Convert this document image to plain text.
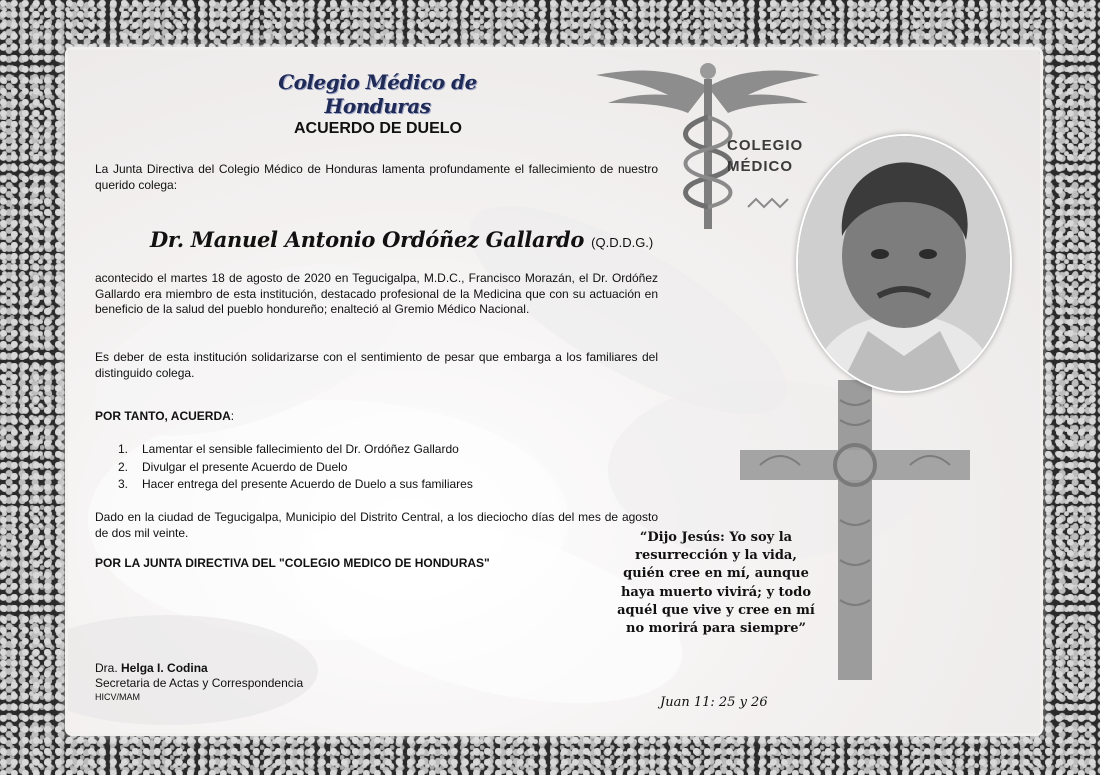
COLEGIO
MÉDICO
Colegio Médico de Honduras
ACUERDO DE DUELO
La Junta Directiva del Colegio Médico de Honduras lamenta profundamente el fallecimiento de nuestro querido colega:
Dr. Manuel Antonio Ordóñez Gallardo (Q.D.D.G.)
acontecido el martes 18 de agosto de 2020 en Tegucigalpa, M.D.C., Francisco Morazán, el Dr. Ordóñez Gallardo era miembro de esta institución, destacado profesional de la Medicina que con su actuación en beneficio de la salud del pueblo hondureño; enalteció al Gremio Médico Nacional.
Es deber de esta institución solidarizarse con el sentimiento de pesar que embarga a los familiares del distinguido colega.
POR TANTO, ACUERDA:
1. Lamentar el sensible fallecimiento del Dr. Ordóñez Gallardo
2. Divulgar el presente Acuerdo de Duelo
3. Hacer entrega del presente Acuerdo de Duelo a sus familiares
Dado en la ciudad de Tegucigalpa, Municipio del Distrito Central, a los dieciocho días del mes de agosto de dos mil veinte.
POR LA JUNTA DIRECTIVA DEL "COLEGIO MEDICO DE HONDURAS"
Dra. Helga I. Codina
Secretaria de Actas y Correspondencia
HICV/MAM
“Dijo Jesús: Yo soy la resurrección y la vida, quién cree en mí, aunque haya muerto vivirá; y todo aquél que vive y cree en mí no morirá para siempre”
Juan 11: 25 y 26
